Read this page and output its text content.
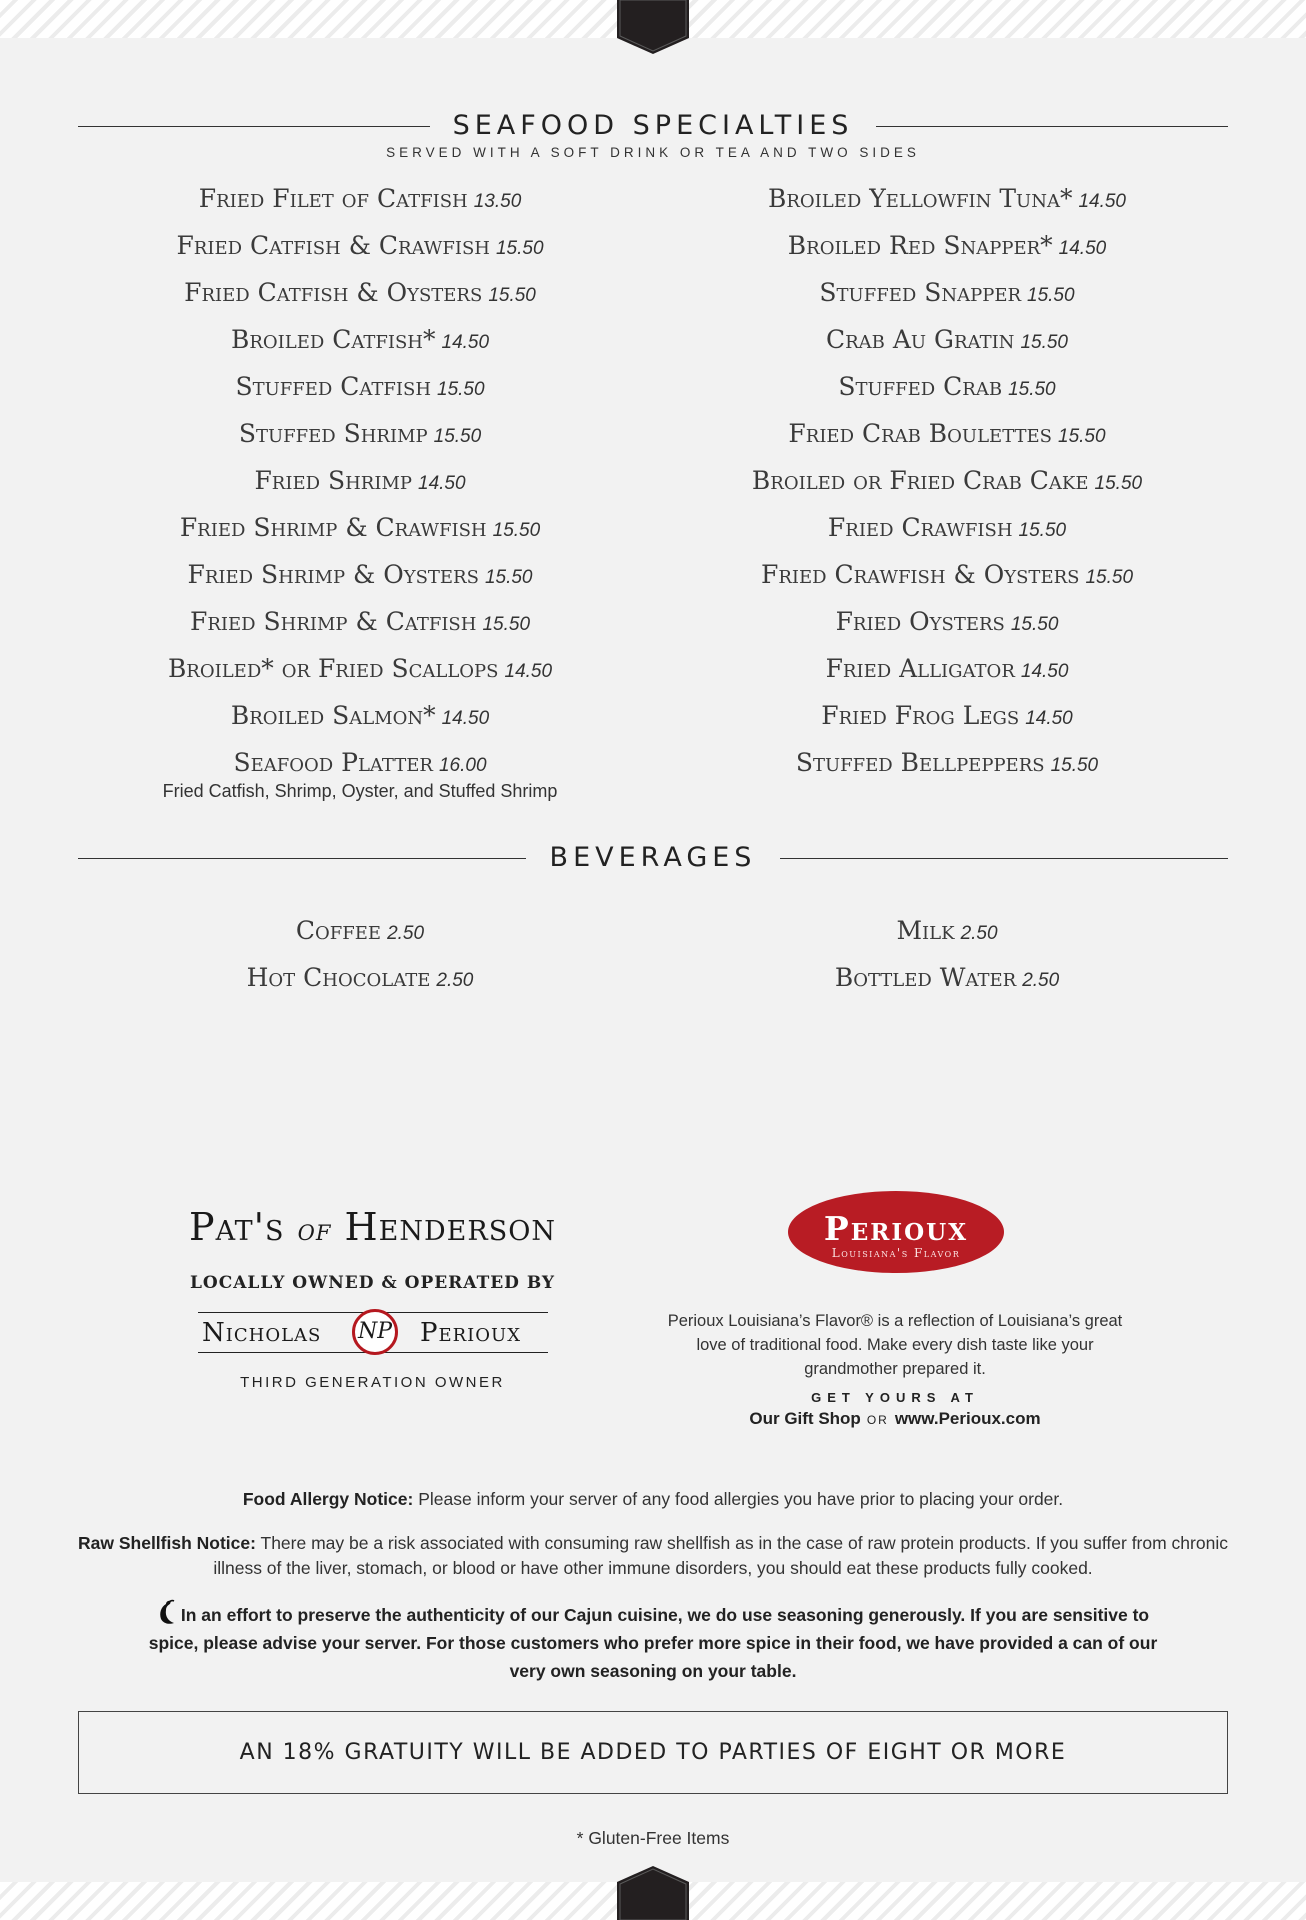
SEAFOOD SPECIALTIES
SERVED WITH A SOFT DRINK OR TEA AND TWO SIDES
Fried Filet of Catfish 13.50
Fried Catfish & Crawfish 15.50
Fried Catfish & Oysters 15.50
Broiled Catfish* 14.50
Stuffed Catfish 15.50
Stuffed Shrimp 15.50
Fried Shrimp 14.50
Fried Shrimp & Crawfish 15.50
Fried Shrimp & Oysters 15.50
Fried Shrimp & Catfish 15.50
Broiled* or Fried Scallops 14.50
Broiled Salmon* 14.50
Seafood Platter 16.00
Fried Catfish, Shrimp, Oyster, and Stuffed Shrimp
Broiled Yellowfin Tuna* 14.50
Broiled Red Snapper* 14.50
Stuffed Snapper 15.50
Crab Au Gratin 15.50
Stuffed Crab 15.50
Fried Crab Boulettes 15.50
Broiled or Fried Crab Cake 15.50
Fried Crawfish 15.50
Fried Crawfish & Oysters 15.50
Fried Oysters 15.50
Fried Alligator 14.50
Fried Frog Legs 14.50
Stuffed Bellpeppers 15.50
BEVERAGES
Coffee 2.50
Hot Chocolate 2.50
Milk 2.50
Bottled Water 2.50
Pat's of Henderson
LOCALLY OWNED & OPERATED BY
Nicholas NP Perioux
THIRD GENERATION OWNER
Perioux
Louisiana's Flavor
Perioux Louisiana’s Flavor® is a reflection of Louisiana’s great love of traditional food. Make every dish taste like your grandmother prepared it.
GET YOURS AT
Our Gift Shop OR www.Perioux.com
Food Allergy Notice: Please inform your server of any food allergies you have prior to placing your order.
Raw Shellfish Notice: There may be a risk associated with consuming raw shellfish as in the case of raw protein products. If you suffer from chronic illness of the liver, stomach, or blood or have other immune disorders, you should eat these products fully cooked.
In an effort to preserve the authenticity of our Cajun cuisine, we do use seasoning generously. If you are sensitive to spice, please advise your server. For those customers who prefer more spice in their food, we have provided a can of our very own seasoning on your table.
AN 18% GRATUITY WILL BE ADDED TO PARTIES OF EIGHT OR MORE
* Gluten-Free Items
